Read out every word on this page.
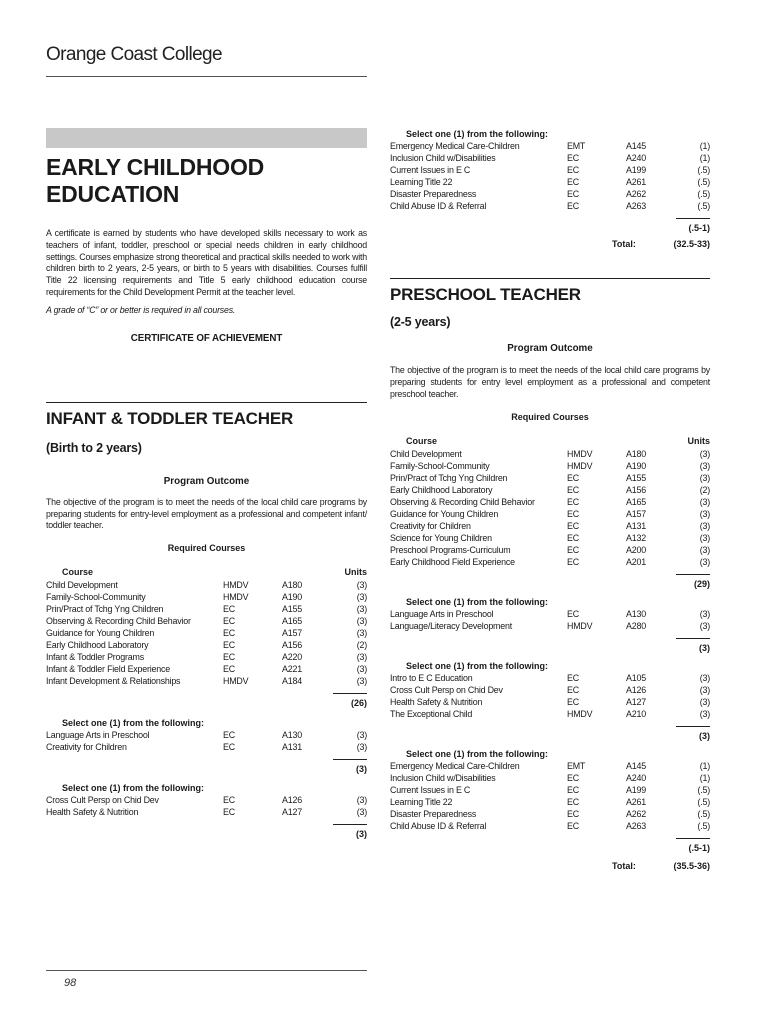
Orange Coast College
EARLY CHILDHOOD
EDUCATION

A certificate is earned by students who have developed skills necessary to work as teachers of infant, toddler, preschool or special needs children in early childhood settings. Courses emphasize strong theoretical and practical skills needed to work with children birth to 2 years, 2-5 years, or birth to 5 years with disabilities. Courses fulfill Title 22 licensing requirements and Title 5 early childhood education course requirements for the Child Development Permit at the teacher level.

A grade of “C” or or better is required in all courses.

CERTIFICATE OF ACHIEVEMENT
INFANT & TODDLER TEACHER
(Birth to 2 years)
Program Outcome

The objective of the program is to meet the needs of the local child care programs by preparing students for entry-level employment as a professional and competent infant/ toddler teacher.

Required Courses
Course	Units
Child Development	HMDV	A180	(3)
Family-School-Community	HMDV	A190	(3)
Prin/Pract of Tchg Yng Children	EC	A155	(3)
Observing & Recording Child Behavior	EC	A165	(3)
Guidance for Young Children	EC	A157	(3)
Early Childhood Laboratory	EC	A156	(2)
Infant & Toddler Programs	EC	A220	(3)
Infant & Toddler Field Experience	EC	A221	(3)
Infant Development & Relationships	HMDV	A184	(3)
(26)
Select one (1) from the following:
Language Arts in Preschool	EC	A130	(3)
Creativity for Children	EC	A131	(3)
(3)
Select one (1) from the following:
Cross Cult Persp on Chid Dev	EC	A126	(3)
Health Safety & Nutrition	EC	A127	(3)
(3)
Select one (1) from the following:
Emergency Medical Care-Children	EMT	A145	(1)
Inclusion Child w/Disabilities	EC	A240	(1)
Current Issues in E C	EC	A199	(.5)
Learning Title 22	EC	A261	(.5)
Disaster Preparedness	EC	A262	(.5)
Child Abuse ID & Referral	EC	A263	(.5)
(.5-1)
Total:	(32.5-33)
PRESCHOOL TEACHER
(2-5 years)
Program Outcome

The objective of the program is to meet the needs of the local child care programs by preparing students for entry level employment as a professional and competent preschool teacher.

Required Courses
Course	Units
Child Development	HMDV	A180	(3)
Family-School-Community	HMDV	A190	(3)
Prin/Pract of Tchg Yng Children	EC	A155	(3)
Early Childhood Laboratory	EC	A156	(2)
Observing & Recording Child Behavior	EC	A165	(3)
Guidance for Young Children	EC	A157	(3)
Creativity for Children	EC	A131	(3)
Science for Young Children	EC	A132	(3)
Preschool Programs-Curriculum	EC	A200	(3)
Early Childhood Field Experience	EC	A201	(3)
(29)
Select one (1) from the following:
Language Arts in Preschool	EC	A130	(3)
Language/Literacy Development	HMDV	A280	(3)
(3)
Select one (1) from the following:
Intro to E C Education	EC	A105	(3)
Cross Cult Persp on Chid Dev	EC	A126	(3)
Health Safety & Nutrition	EC	A127	(3)
The Exceptional Child	HMDV	A210	(3)
(3)
Select one (1) from the following:
Emergency Medical Care-Children	EMT	A145	(1)
Inclusion Child w/Disabilities	EC	A240	(1)
Current Issues in E C	EC	A199	(.5)
Learning Title 22	EC	A261	(.5)
Disaster Preparedness	EC	A262	(.5)
Child Abuse ID & Referral	EC	A263	(.5)
(.5-1)
Total:	(35.5-36)
98
